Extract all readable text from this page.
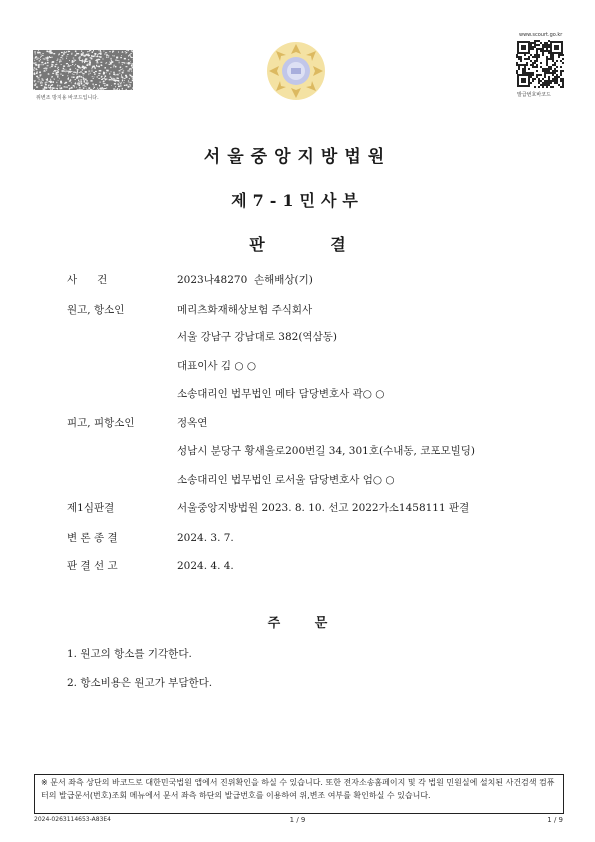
위변조 방지용 바코드입니다.
www.scourt.go.kr
발급번호바코드
서울중앙지방법원
제7-1민사부
판 결
사      건	2023나48270  손해배상(기)
원고, 항소인	메리츠화재해상보험 주식회사
서울 강남구 강남대로 382(역삼동)
대표이사 김 ○ ○
소송대리인 법무법인 메타 담당변호사 곽○ ○
피고, 피항소인	정옥연
성남시 분당구 황새울로200번길 34, 301호(수내동, 코포모빌딩)
소송대리인 법무법인 로서울 담당변호사 엄○ ○
제1심판결	서울중앙지방법원 2023. 8. 10. 선고 2022가소1458111 판결
변 론 종 결	2024. 3. 7.
판 결 선 고	2024. 4. 4.
주 문
1. 원고의 항소를 기각한다.
2. 항소비용은 원고가 부담한다.
※ 문서 좌측 상단의 바코드로 대한민국법원 앱에서 진위확인을 하실 수 있습니다. 또한 전자소송홈페이지 및 각 법원 민원실에 설치된 사건검색 컴퓨터의 발급문서(번호)조회 메뉴에서 문서 좌측 하단의 발급번호를 이용하여 위,변조 여부를 확인하실 수 있습니다.
2024-0263114653-A83E4	1 / 9	1 / 9
